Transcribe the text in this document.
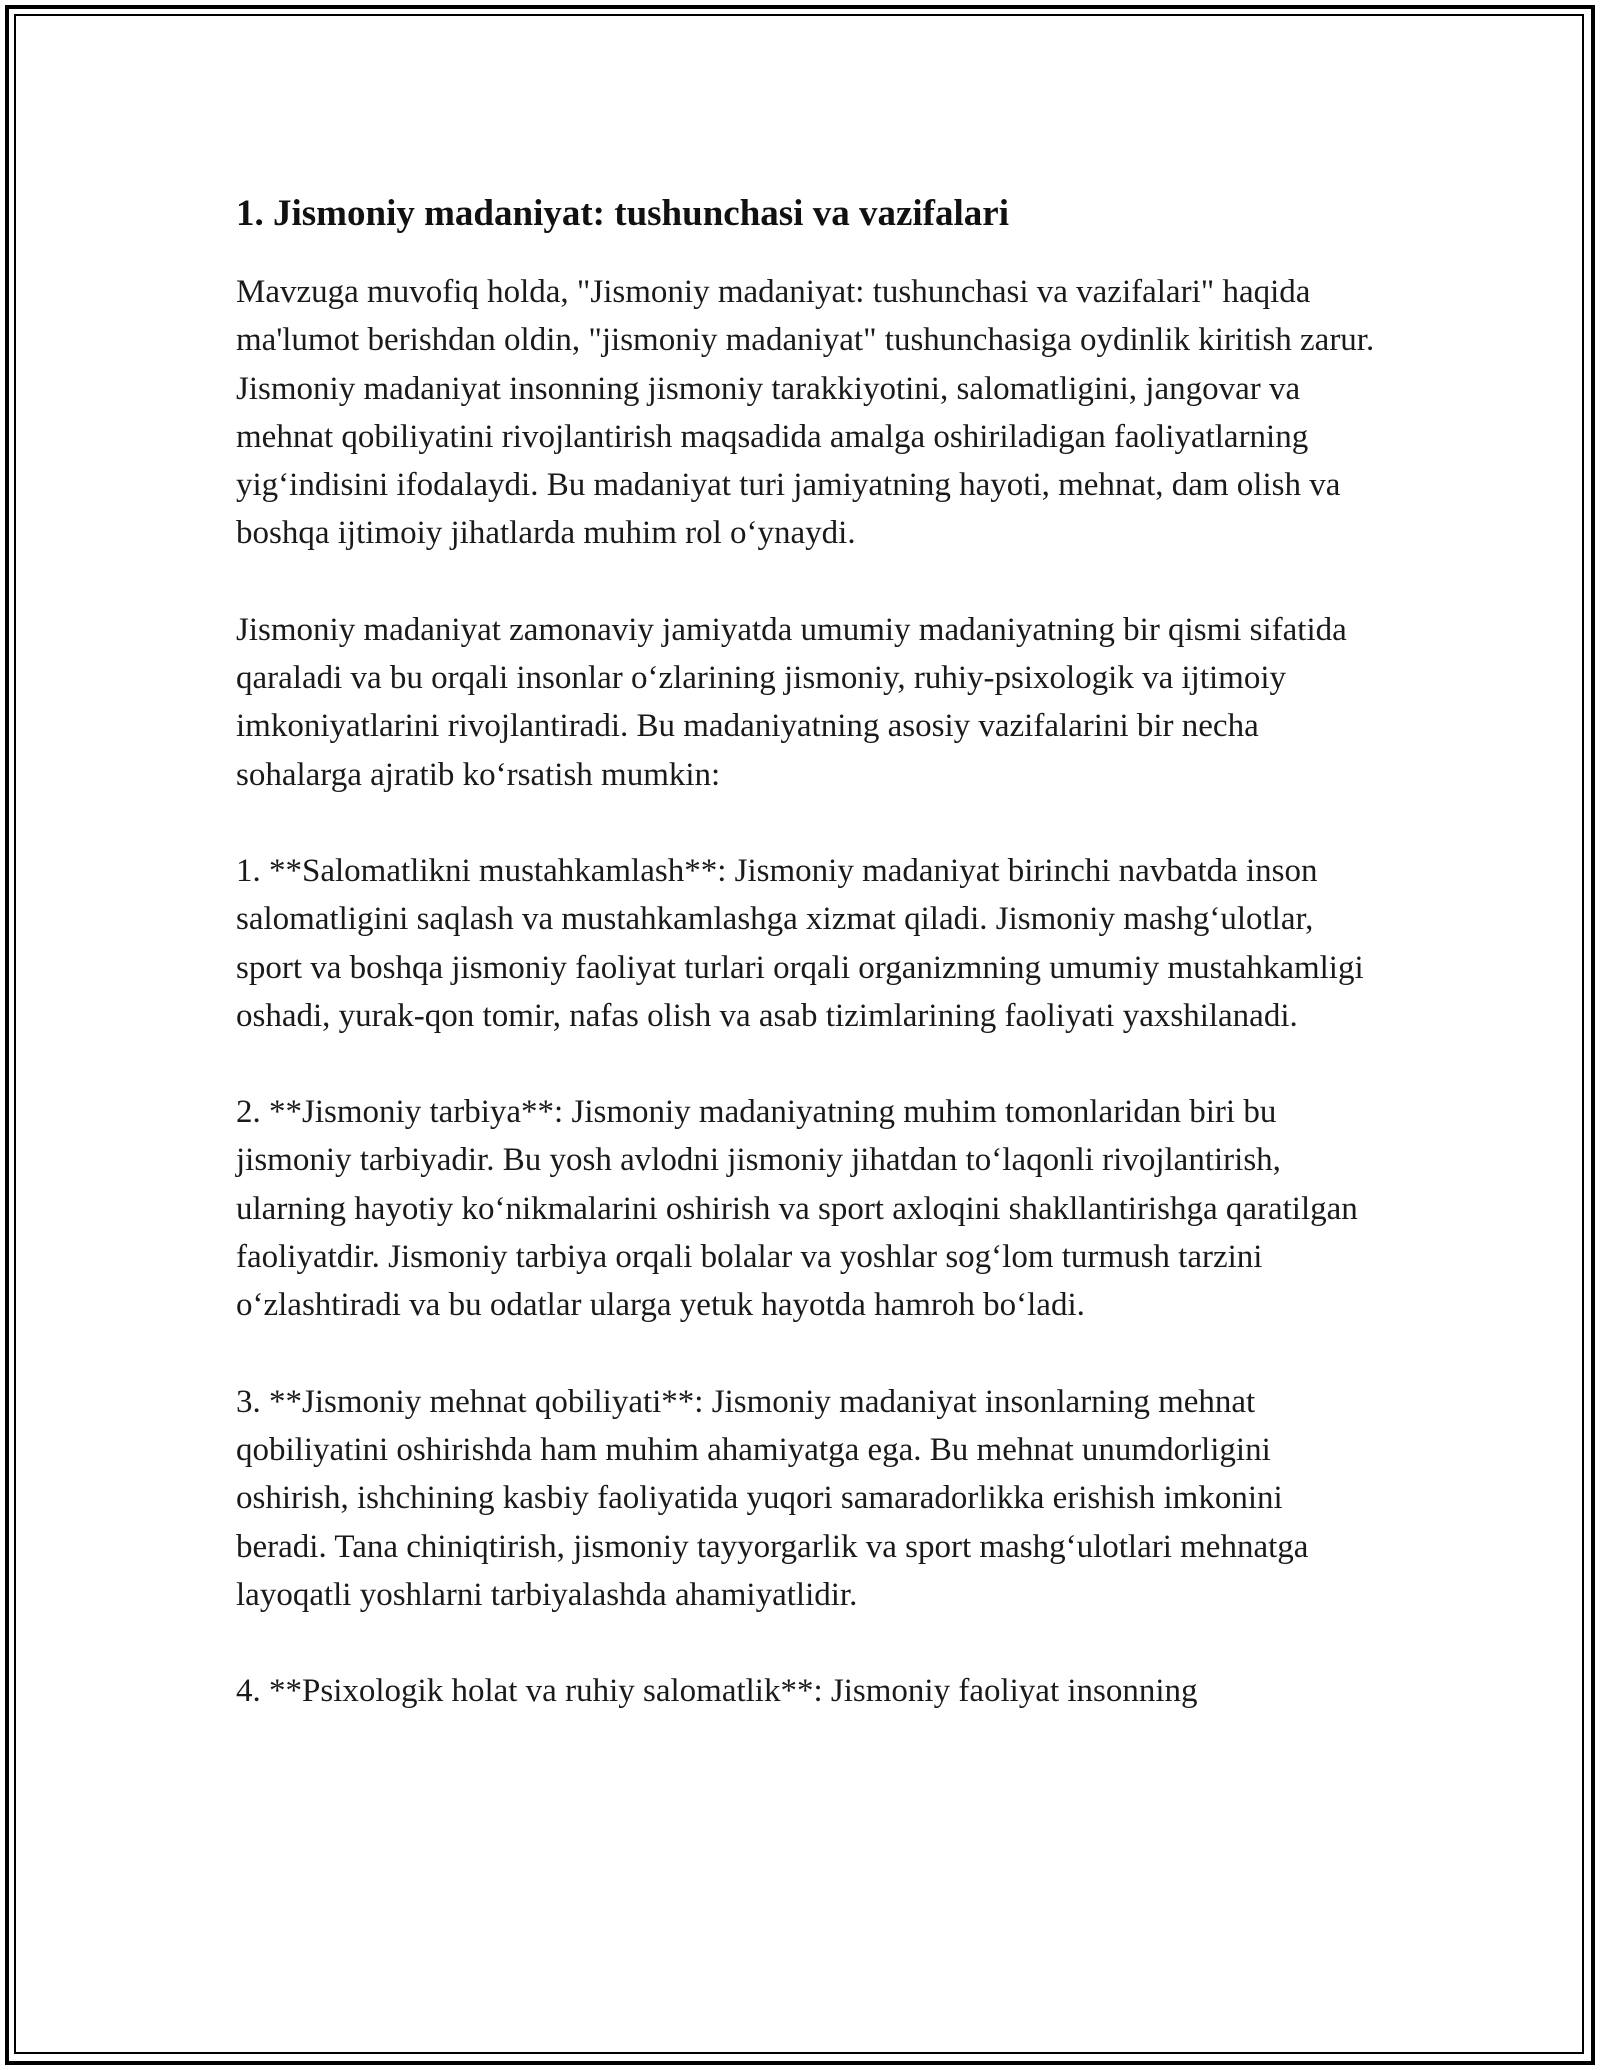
1. Jismoniy madaniyat: tushunchasi va vazifalari

Mavzuga muvofiq holda, "Jismoniy madaniyat: tushunchasi va vazifalari" haqida ma'lumot berishdan oldin, "jismoniy madaniyat" tushunchasiga oydinlik kiritish zarur. Jismoniy madaniyat insonning jismoniy tarakkiyotini, salomatligini, jangovar va mehnat qobiliyatini rivojlantirish maqsadida amalga oshiriladigan faoliyatlarning yig‘indisini ifodalaydi. Bu madaniyat turi jamiyatning hayoti, mehnat, dam olish va boshqa ijtimoiy jihatlarda muhim rol o‘ynaydi.

Jismoniy madaniyat zamonaviy jamiyatda umumiy madaniyatning bir qismi sifatida qaraladi va bu orqali insonlar o‘zlarining jismoniy, ruhiy-psixologik va ijtimoiy imkoniyatlarini rivojlantiradi. Bu madaniyatning asosiy vazifalarini bir necha sohalarga ajratib ko‘rsatish mumkin:

1. **Salomatlikni mustahkamlash**: Jismoniy madaniyat birinchi navbatda inson salomatligini saqlash va mustahkamlashga xizmat qiladi. Jismoniy mashg‘ulotlar, sport va boshqa jismoniy faoliyat turlari orqali organizmning umumiy mustahkamligi oshadi, yurak-qon tomir, nafas olish va asab tizimlarining faoliyati yaxshilanadi.

2. **Jismoniy tarbiya**: Jismoniy madaniyatning muhim tomonlaridan biri bu jismoniy tarbiyadir. Bu yosh avlodni jismoniy jihatdan to‘laqonli rivojlantirish, ularning hayotiy ko‘nikmalarini oshirish va sport axloqini shakllantirishga qaratilgan faoliyatdir. Jismoniy tarbiya orqali bolalar va yoshlar sog‘lom turmush tarzini o‘zlashtiradi va bu odatlar ularga yetuk hayotda hamroh bo‘ladi.

3. **Jismoniy mehnat qobiliyati**: Jismoniy madaniyat insonlarning mehnat qobiliyatini oshirishda ham muhim ahamiyatga ega. Bu mehnat unumdorligini oshirish, ishchining kasbiy faoliyatida yuqori samaradorlikka erishish imkonini beradi. Tana chiniqtirish, jismoniy tayyorgarlik va sport mashg‘ulotlari mehnatga layoqatli yoshlarni tarbiyalashda ahamiyatlidir.

4. **Psixologik holat va ruhiy salomatlik**: Jismoniy faoliyat insonning
